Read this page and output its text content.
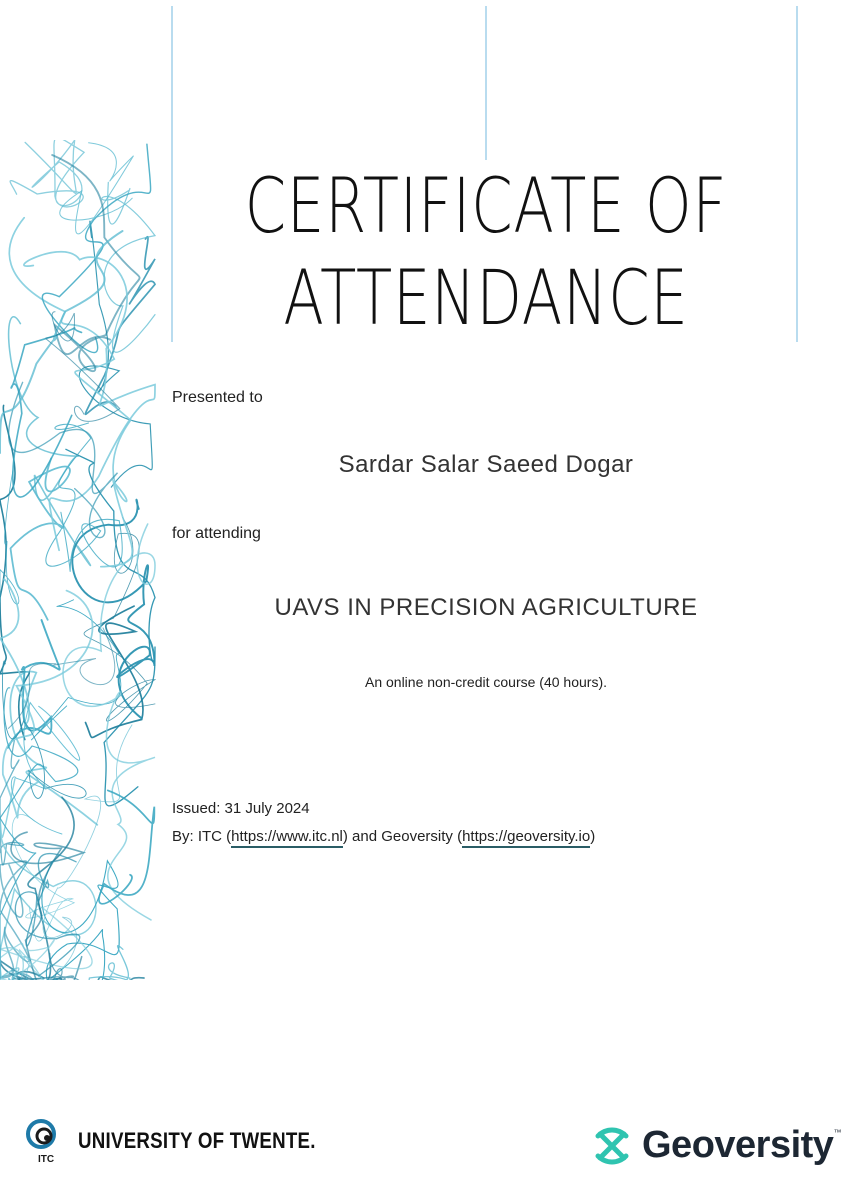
CERTIFICATE OF
ATTENDANCE
Presented to
Sardar Salar Saeed Dogar
for attending
UAVS IN PRECISION AGRICULTURE
An online non-credit course (40 hours).
Issued: 31 July 2024
By: ITC (https://www.itc.nl) and Geoversity (https://geoversity.io)
ITC
UNIVERSITY OF TWENTE.	Geoversity ™
